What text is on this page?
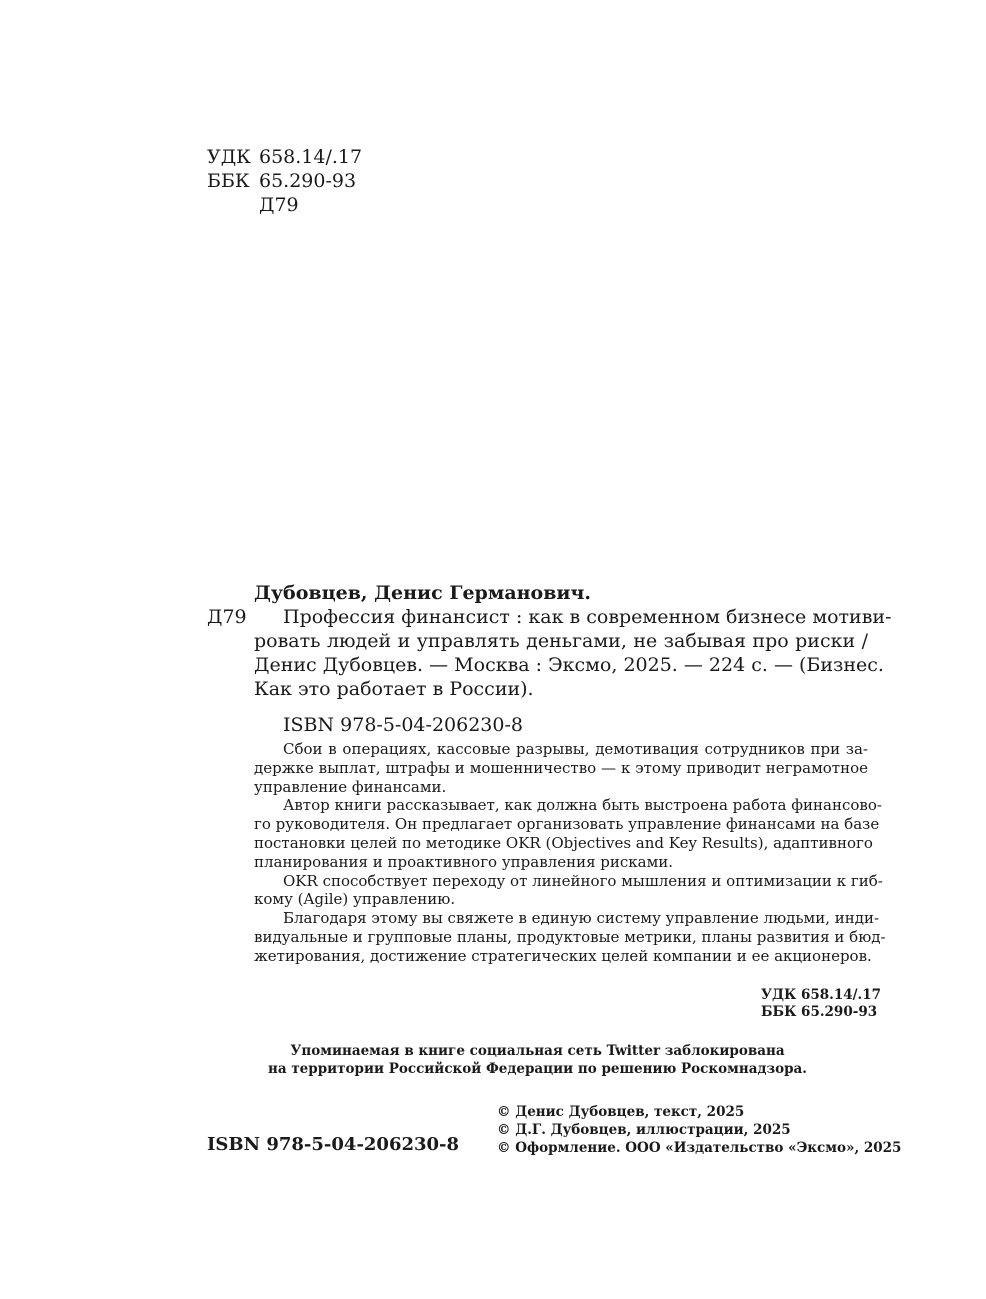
УДК 658.14/.17
ББК 65.290-93
Д79
Дубовцев, Денис Германович.
Д79	Профессия финансист : как в современном бизнесе мотиви-
ровать людей и управлять деньгами, не забывая про риски /
Денис Дубовцев. — Москва : Эксмо, 2025. — 224 с. — (Бизнес.
Как это работает в России).
ISBN 978-5-04-206230-8
Сбои в операциях, кассовые разрывы, демотивация сотрудников при за-
держке выплат, штрафы и мошенничество — к этому приводит неграмотное
управление финансами.
Автор книги рассказывает, как должна быть выстроена работа финансово-
го руководителя. Он предлагает организовать управление финансами на базе
постановки целей по методике OKR (Objectives and Key Results), адаптивного
планирования и проактивного управления рисками.
OKR способствует переходу от линейного мышления и оптимизации к гиб-
кому (Agile) управлению.
Благодаря этому вы свяжете в единую систему управление людьми, инди-
видуальные и групповые планы, продуктовые метрики, планы развития и бюд-
жетирования, достижение стратегических целей компании и ее акционеров.
УДК 658.14/.17
ББК 65.290-93
Упоминаемая в книге социальная сеть Twitter заблокирована
на территории Российской Федерации по решению Роскомнадзора.
ISBN 978-5-04-206230-8
© Денис Дубовцев, текст, 2025
© Д.Г. Дубовцев, иллюстрации, 2025
© Оформление. ООО «Издательство «Эксмо», 2025
